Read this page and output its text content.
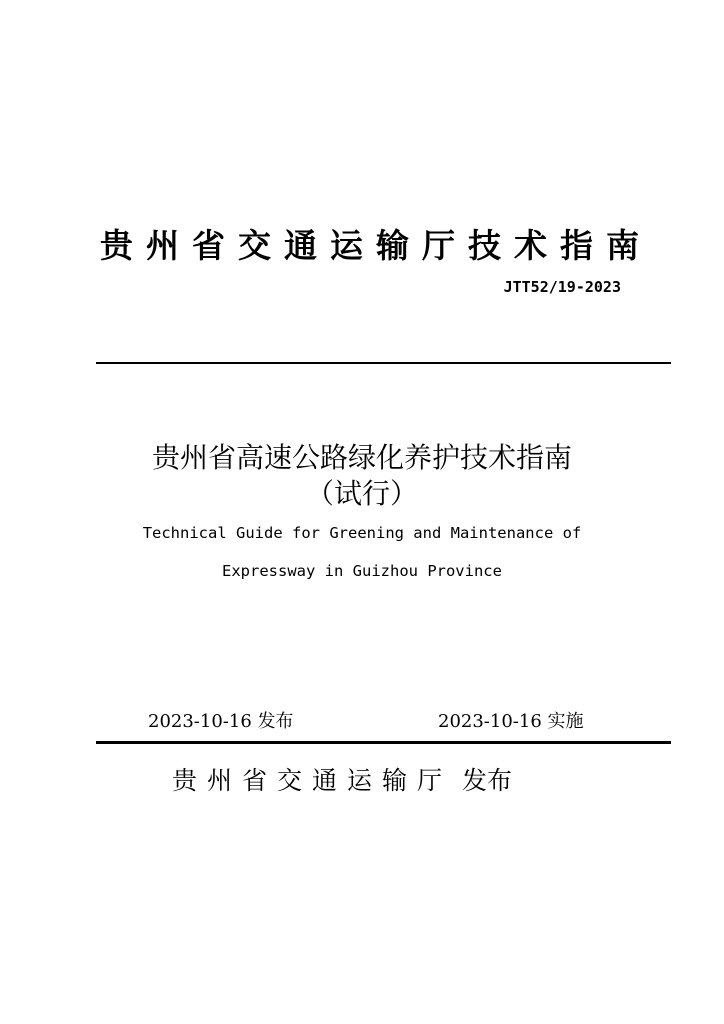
贵州省交通运输厅技术指南
JTT52/19-2023
贵州省高速公路绿化养护技术指南
（试行）
Technical Guide for Greening and Maintenance of
Expressway in Guizhou Province
2023-10-16 发布	2023-10-16 实施
贵州省交通运输厅 发布
